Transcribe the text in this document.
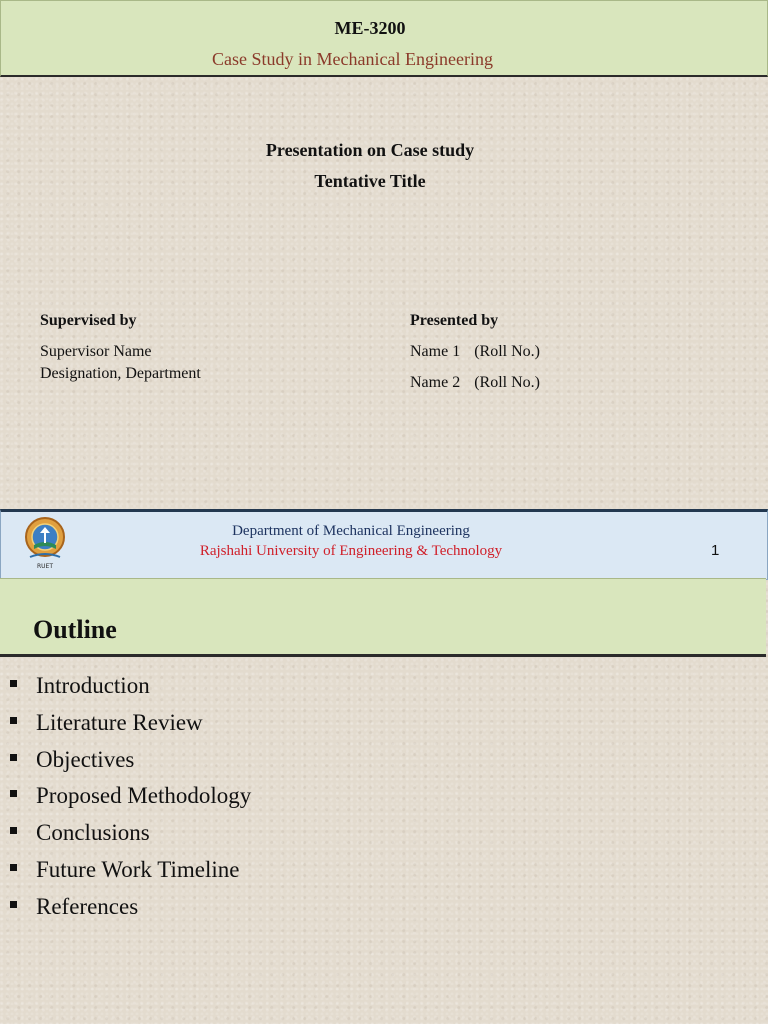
ME-3200
Case Study in Mechanical Engineering
Presentation on Case study
Tentative Title
Supervised by
Supervisor Name
Designation, Department
Presented by
Name 1 (Roll No.)
Name 2 (Roll No.)
RUET
Department of Mechanical Engineering
Rajshahi University of Engineering & Technology	1
Outline
Introduction
Literature Review
Objectives
Proposed Methodology
Conclusions
Future Work Timeline
References
